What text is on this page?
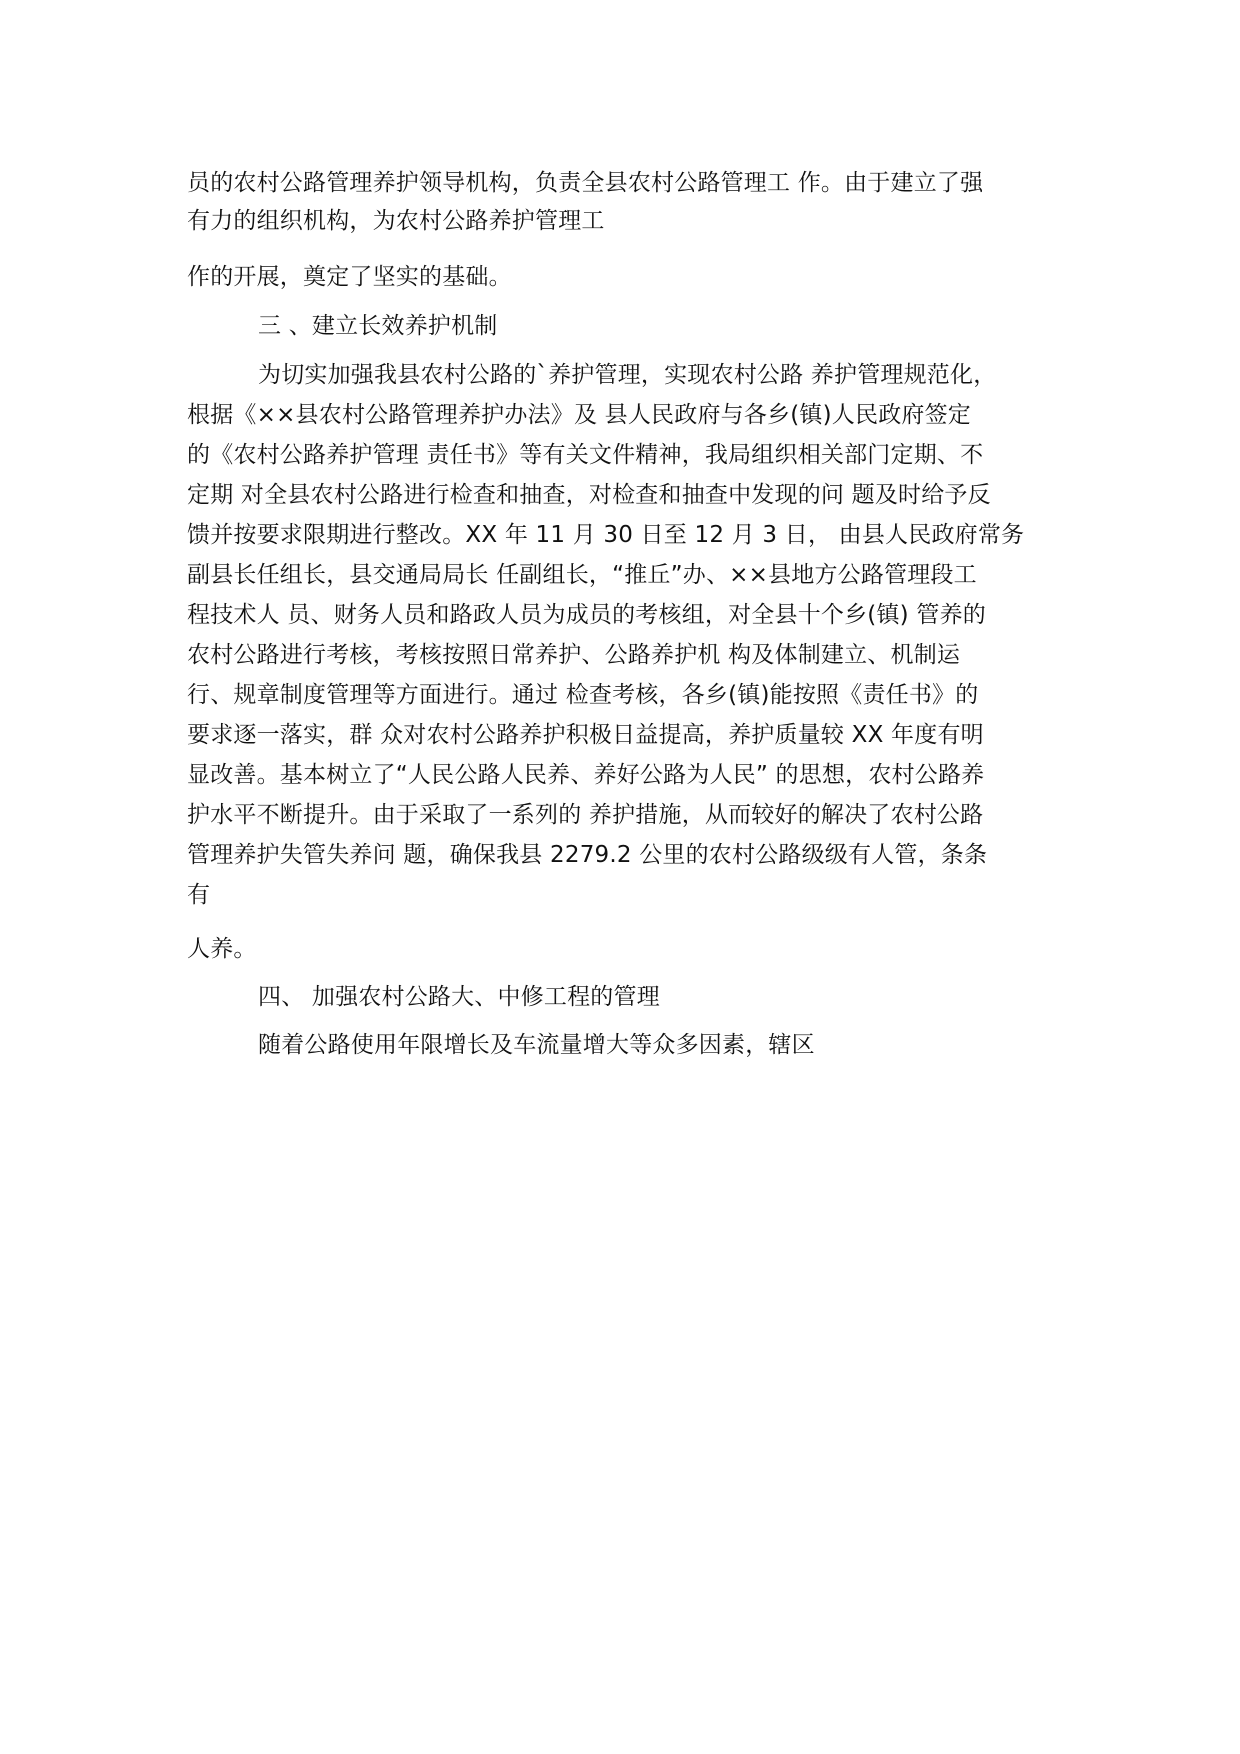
员的农村公路管理养护领导机构，负责全县农村公路管理工 作。由于建立了强
有力的组织机构，为农村公路养护管理工
作的开展，奠定了坚实的基础。
三 、建立长效养护机制
为切实加强我县农村公路的`养护管理，实现农村公路 养护管理规范化，
根据《××县农村公路管理养护办法》及 县人民政府与各乡(镇)人民政府签定
的《农村公路养护管理 责任书》等有关文件精神，我局组织相关部门定期、不
定期 对全县农村公路进行检查和抽查，对检查和抽查中发现的问 题及时给予反
馈并按要求限期进行整改。XX 年 11 月 30 日至 12 月 3 日， 由县人民政府常务
副县长任组长，县交通局局长 任副组长，“推丘”办、××县地方公路管理段工
程技术人 员、财务人员和路政人员为成员的考核组，对全县十个乡(镇) 管养的
农村公路进行考核，考核按照日常养护、公路养护机 构及体制建立、机制运
行、规章制度管理等方面进行。通过 检查考核，各乡(镇)能按照《责任书》的
要求逐一落实，群 众对农村公路养护积极日益提高，养护质量较 XX 年度有明
显改善。基本树立了“人民公路人民养、养好公路为人民” 的思想，农村公路养
护水平不断提升。由于采取了一系列的 养护措施，从而较好的解决了农村公路
管理养护失管失养问 题，确保我县 2279.2 公里的农村公路级级有人管，条条
有
人养。
四、 加强农村公路大、中修工程的管理
随着公路使用年限增长及车流量增大等众多因素，辖区
